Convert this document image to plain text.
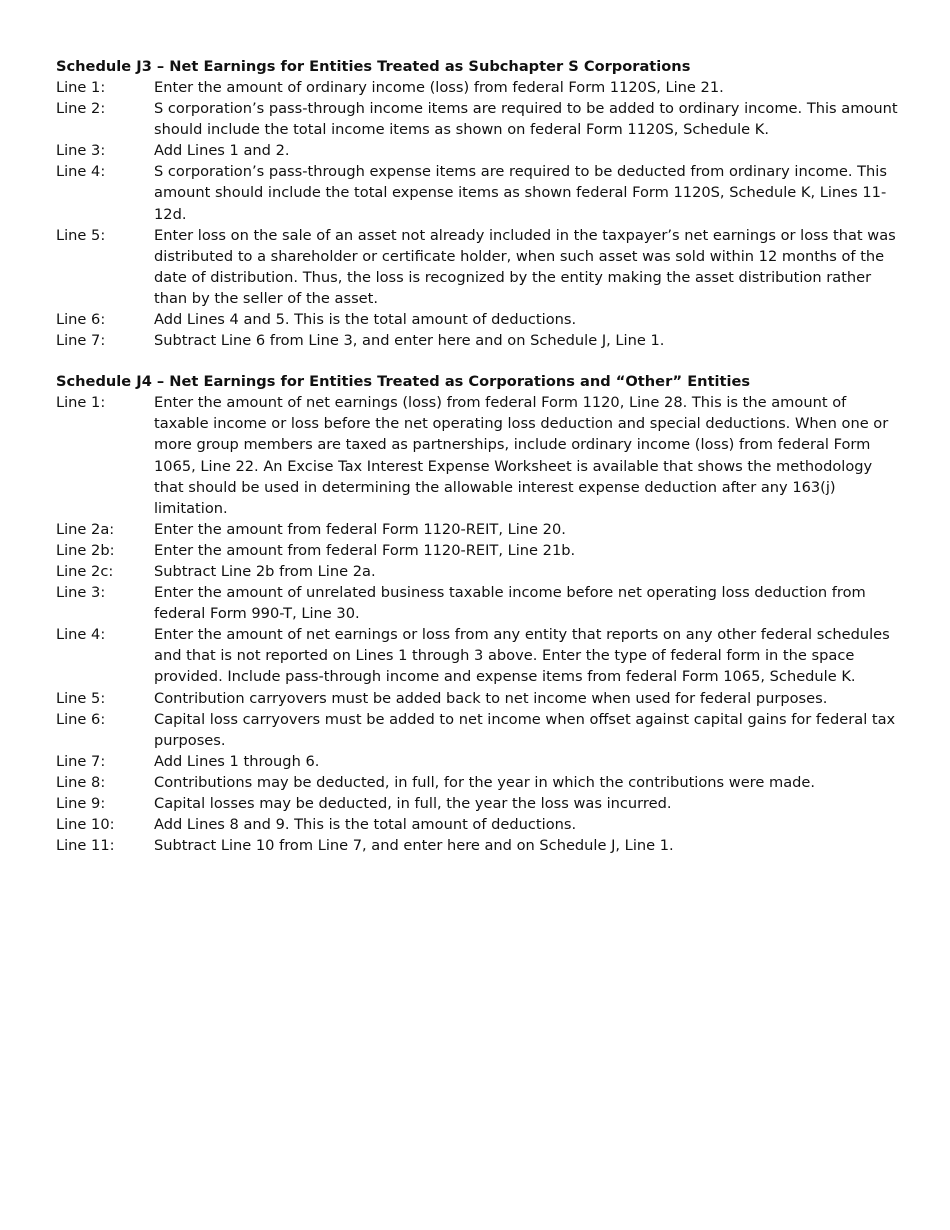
Schedule J3 – Net Earnings for Entities Treated as Subchapter S Corporations
Line 1:	Enter the amount of ordinary income (loss) from federal Form 1120S, Line 21.
Line 2:	S corporation’s pass-through income items are required to be added to ordinary income. This amount should include the total income items as shown on federal Form 1120S, Schedule K.
Line 3:	Add Lines 1 and 2.
Line 4:	S corporation’s pass-through expense items are required to be deducted from ordinary income. This amount should include the total expense items as shown federal Form 1120S, Schedule K, Lines 11-12d.
Line 5:	Enter loss on the sale of an asset not already included in the taxpayer’s net earnings or loss that was distributed to a shareholder or certificate holder, when such asset was sold within 12 months of the date of distribution. Thus, the loss is recognized by the entity making the asset distribution rather than by the seller of the asset.
Line 6:	Add Lines 4 and 5. This is the total amount of deductions.
Line 7:	Subtract Line 6 from Line 3, and enter here and on Schedule J, Line 1.
Schedule J4 – Net Earnings for Entities Treated as Corporations and “Other” Entities
Line 1:	Enter the amount of net earnings (loss) from federal Form 1120, Line 28. This is the amount of taxable income or loss before the net operating loss deduction and special deductions. When one or more group members are taxed as partnerships, include ordinary income (loss) from federal Form 1065, Line 22. An Excise Tax Interest Expense Worksheet is available that shows the methodology that should be used in determining the allowable interest expense deduction after any 163(j) limitation.
Line 2a:	Enter the amount from federal Form 1120-REIT, Line 20.
Line 2b:	Enter the amount from federal Form 1120-REIT, Line 21b.
Line 2c:	Subtract Line 2b from Line 2a.
Line 3:	Enter the amount of unrelated business taxable income before net operating loss deduction from federal Form 990-T, Line 30.
Line 4:	Enter the amount of net earnings or loss from any entity that reports on any other federal schedules and that is not reported on Lines 1 through 3 above. Enter the type of federal form in the space provided. Include pass-through income and expense items from federal Form 1065, Schedule K.
Line 5:	Contribution carryovers must be added back to net income when used for federal purposes.
Line 6:	Capital loss carryovers must be added to net income when offset against capital gains for federal tax purposes.
Line 7:	Add Lines 1 through 6.
Line 8:	Contributions may be deducted, in full, for the year in which the contributions were made.
Line 9:	Capital losses may be deducted, in full, the year the loss was incurred.
Line 10:	Add Lines 8 and 9. This is the total amount of deductions.
Line 11:	Subtract Line 10 from Line 7, and enter here and on Schedule J, Line 1.
